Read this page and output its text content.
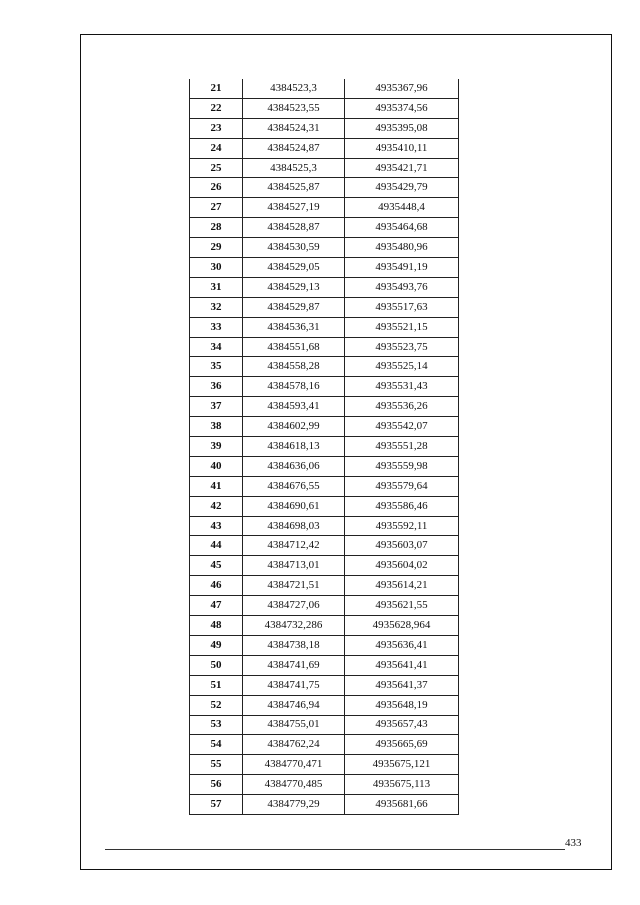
21	4384523,3	4935367,96
22	4384523,55	4935374,56
23	4384524,31	4935395,08
24	4384524,87	4935410,11
25	4384525,3	4935421,71
26	4384525,87	4935429,79
27	4384527,19	4935448,4
28	4384528,87	4935464,68
29	4384530,59	4935480,96
30	4384529,05	4935491,19
31	4384529,13	4935493,76
32	4384529,87	4935517,63
33	4384536,31	4935521,15
34	4384551,68	4935523,75
35	4384558,28	4935525,14
36	4384578,16	4935531,43
37	4384593,41	4935536,26
38	4384602,99	4935542,07
39	4384618,13	4935551,28
40	4384636,06	4935559,98
41	4384676,55	4935579,64
42	4384690,61	4935586,46
43	4384698,03	4935592,11
44	4384712,42	4935603,07
45	4384713,01	4935604,02
46	4384721,51	4935614,21
47	4384727,06	4935621,55
48	4384732,286	4935628,964
49	4384738,18	4935636,41
50	4384741,69	4935641,41
51	4384741,75	4935641,37
52	4384746,94	4935648,19
53	4384755,01	4935657,43
54	4384762,24	4935665,69
55	4384770,471	4935675,121
56	4384770,485	4935675,113
57	4384779,29	4935681,66
433
